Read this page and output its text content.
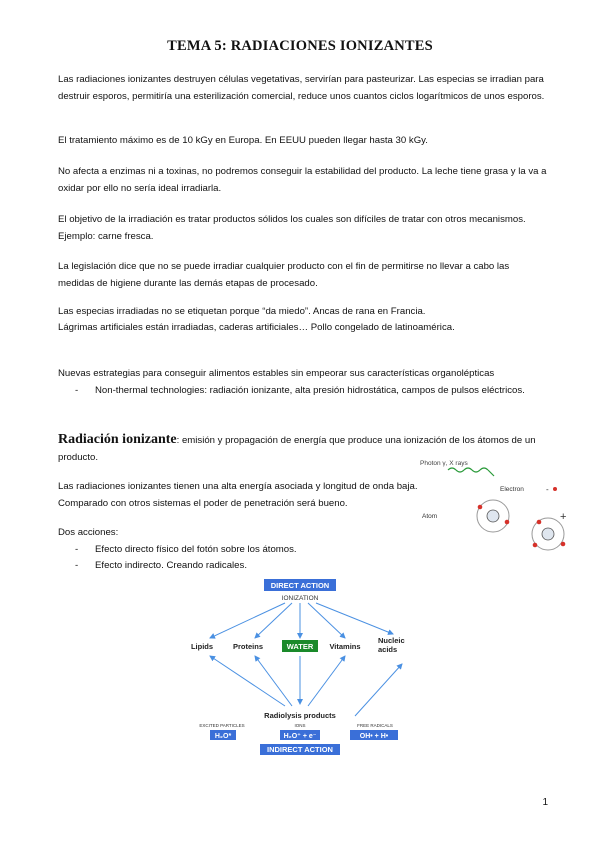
TEMA 5: RADIACIONES IONIZANTES

Las radiaciones ionizantes destruyen células vegetativas, servirían para pasteurizar. Las especias se irradian para destruir esporos, permitiría una esterilización comercial, reduce unos cuantos ciclos logarítmicos de unos esporos.

El tratamiento máximo es de 10 kGy en Europa. En EEUU pueden llegar hasta 30 kGy.

No afecta a enzimas ni a toxinas, no podremos conseguir la estabilidad del producto. La leche tiene grasa y la va a oxidar por ello no sería ideal irradiarla.

El objetivo de la irradiación es tratar productos sólidos los cuales son difíciles de tratar con otros mecanismos. Ejemplo: carne fresca.

La legislación dice que no se puede irradiar cualquier producto con el fin de permitirse no llevar a cabo las medidas de higiene durante las demás etapas de procesado.

Las especias irradiadas no se etiquetan porque “da miedo”. Ancas de rana en Francia.

Lágrimas artificiales están irradiadas, caderas artificiales… Pollo congelado de latinoamérica.

Nuevas estrategias para conseguir alimentos estables sin empeorar sus características organolépticas

- Non-thermal technologies: radiación ionizante, alta presión hidrostática, campos de pulsos eléctricos.
Radiación ionizante: emisión y propagación de energía que produce una ionización de los átomos de un producto.

Las radiaciones ionizantes tienen una alta energía asociada y longitud de onda baja. Comparado con otros sistemas el poder de penetración será bueno.

Dos acciones:

- Efecto directo físico del fotón sobre los átomos.
- Efecto indirecto. Creando radicales.
Photon γ, X rays
Electron	-
Atom	+
DIRECT ACTION
IONIZATION
Lipids	Proteins	WATER Vitamins
Nucleic acids
Radiolysis products
EXCITED PARTICLES	IONS	FREE RADICALS
H₂O*	H₂O⁺ + e⁻	OH• + H•
INDIRECT ACTION
1
